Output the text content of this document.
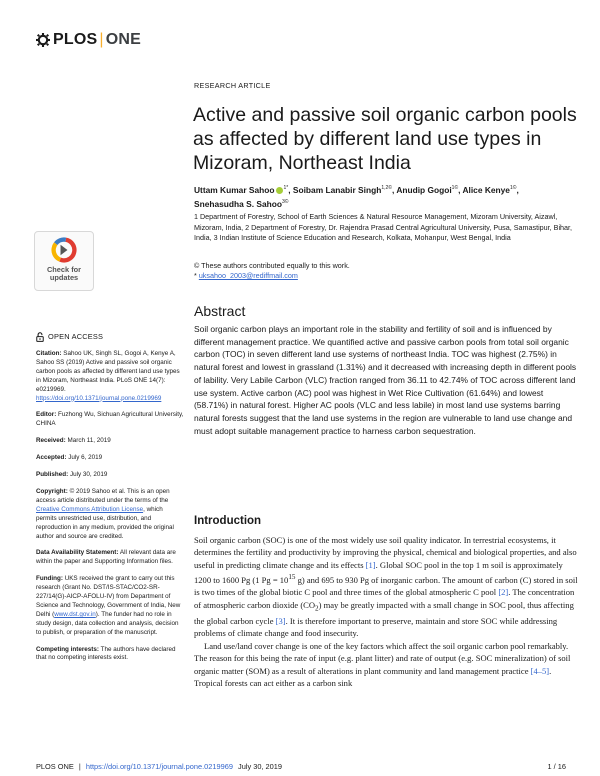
PLOS | ONE
RESEARCH ARTICLE
Active and passive soil organic carbon pools as affected by different land use types in Mizoram, Northeast India
Uttam Kumar Sahoo $^{1*}$, Soibam Lanabir Singh$^{1,2©}$, Anudip Gogoi$^{1©}$, Alice Kenye$^{1©}$,
Snehasudha S. Sahoo$^{3©}$
1 Department of Forestry, School of Earth Sciences & Natural Resource Management, Mizoram University, Aizawl, Mizoram, India, 2 Department of Forestry, Dr. Rajendra Prasad Central Agricultural University, Pusa, Samastipur, Bihar, India, 3 Indian Institute of Science Education and Research, Kolkata, Mohanpur, West Bengal, India
© These authors contributed equally to this work.
* uksahoo_2003@rediffmail.com
Check for
updates
OPEN ACCESS

Citation: Sahoo UK, Singh SL, Gogoi A, Kenye A, Sahoo SS (2019) Active and passive soil organic carbon pools as affected by different land use types in Mizoram, Northeast India. PLoS ONE 14(7): e0219969. https://doi.org/10.1371/journal.pone.0219969

Editor: Fuzhong Wu, Sichuan Agricultural University, CHINA

Received: March 11, 2019

Accepted: July 6, 2019

Published: July 30, 2019

Copyright: © 2019 Sahoo et al. This is an open access article distributed under the terms of the Creative Commons Attribution License, which permits unrestricted use, distribution, and reproduction in any medium, provided the original author and source are credited.

Data Availability Statement: All relevant data are within the paper and Supporting Information files.

Funding: UKS received the grant to carry out this research (Grant No. DST/IS-STAC/CO2-SR-227/14(G)-AICP-AFOLU-IV) from Department of Science and Technology, Government of India, New Delhi (www.dst.gov.in). The funder had no role in study design, data collection and analysis, decision to publish, or preparation of the manuscript.

Competing interests: The authors have declared that no competing interests exist.

Abstract
Soil organic carbon plays an important role in the stability and fertility of soil and is influenced by different management practice. We quantified active and passive carbon pools from total soil organic carbon (TOC) in seven different land use systems of northeast India. TOC was highest (2.75%) in natural forest and lowest in grassland (1.31%) and it decreased with increasing depth in different pools of lability. Very Labile Carbon (VLC) fraction ranged from 36.11 to 42.74% of TOC across different land use system. Active carbon (AC) pool was highest in Wet Rice Cultivation (61.64%) and lowest (58.71%) in natural forest. Higher AC pools (VLC and less labile) in most land use systems barring natural forests suggest that the land use systems in the region are vulnerable to land use change and must adopt suitable management practice to harness carbon sequestration.
Introduction

Soil organic carbon (SOC) is one of the most widely use soil quality indicator. In terrestrial ecosystems, it determines the fertility and productivity by improving the physical, chemical and biological properties, and also useful in predicting climate change and its effects [1]. Global SOC pool in the top 1 m soil is approximately 1200 to 1600 Pg (1 $Pg = 10^{15}$ g) and 695 to 930 Pg of inorganic carbon. The amount of carbon (C) stored in soil is two times of the global biotic C pool and three times of the global atmospheric C pool [2]. The concentration of atmospheric carbon dioxide $(CO_2)$ may be greatly impacted with a small change in SOC pool, thus affecting the global carbon cycle [3]. It is therefore important to preserve, maintain and store SOC while addressing problems of climate change and food insecurity.

Land use/land cover change is one of the key factors which affect the soil organic carbon pool remarkably. The reason for this being the rate of input (e.g. plant litter) and rate of output (e.g. SOC mineralization) of soil organic matter (SOM) as a result of alterations in plant community and land management practice [4–5]. Tropical forests can act either as a carbon sink

PLOS ONE | https://doi.org/10.1371/journal.pone.0219969 July 30, 2019	1 / 16
